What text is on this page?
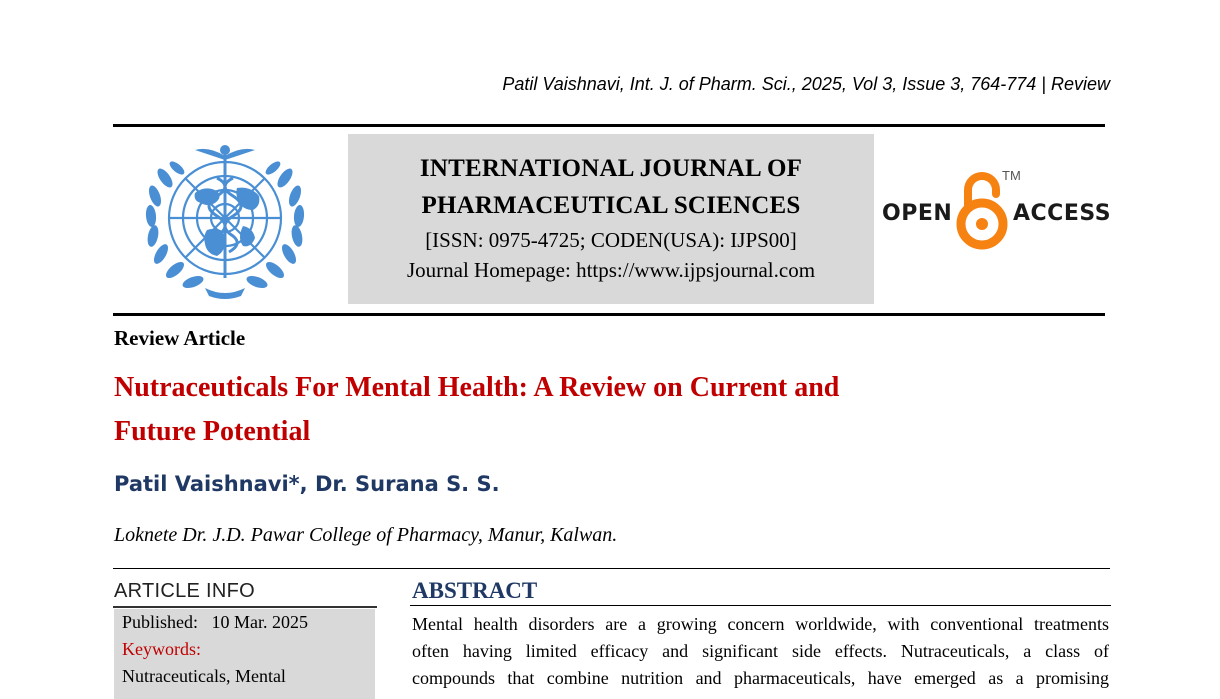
Patil Vaishnavi, Int. J. of Pharm. Sci., 2025, Vol 3, Issue 3, 764-774 | Review
INTERNATIONAL JOURNAL OF
PHARMACEUTICAL SCIENCES
[ISSN: 0975-4725; CODEN(USA): IJPS00]
Journal Homepage: https://www.ijpsjournal.com
OPEN
TM
ACCESS
Review Article
Nutraceuticals For Mental Health: A Review on Current and
Future Potential
Patil Vaishnavi*, Dr. Surana S. S.
Loknete Dr. J.D. Pawar College of Pharmacy, Manur, Kalwan.
ARTICLE INFO
Published: 10 Mar. 2025
Keywords:
Nutraceuticals, Mental
ABSTRACT
Mental health disorders are a growing concern worldwide, with conventional treatments
often having limited efficacy and significant side effects. Nutraceuticals, a class of
compounds that combine nutrition and pharmaceuticals, have emerged as a promising
